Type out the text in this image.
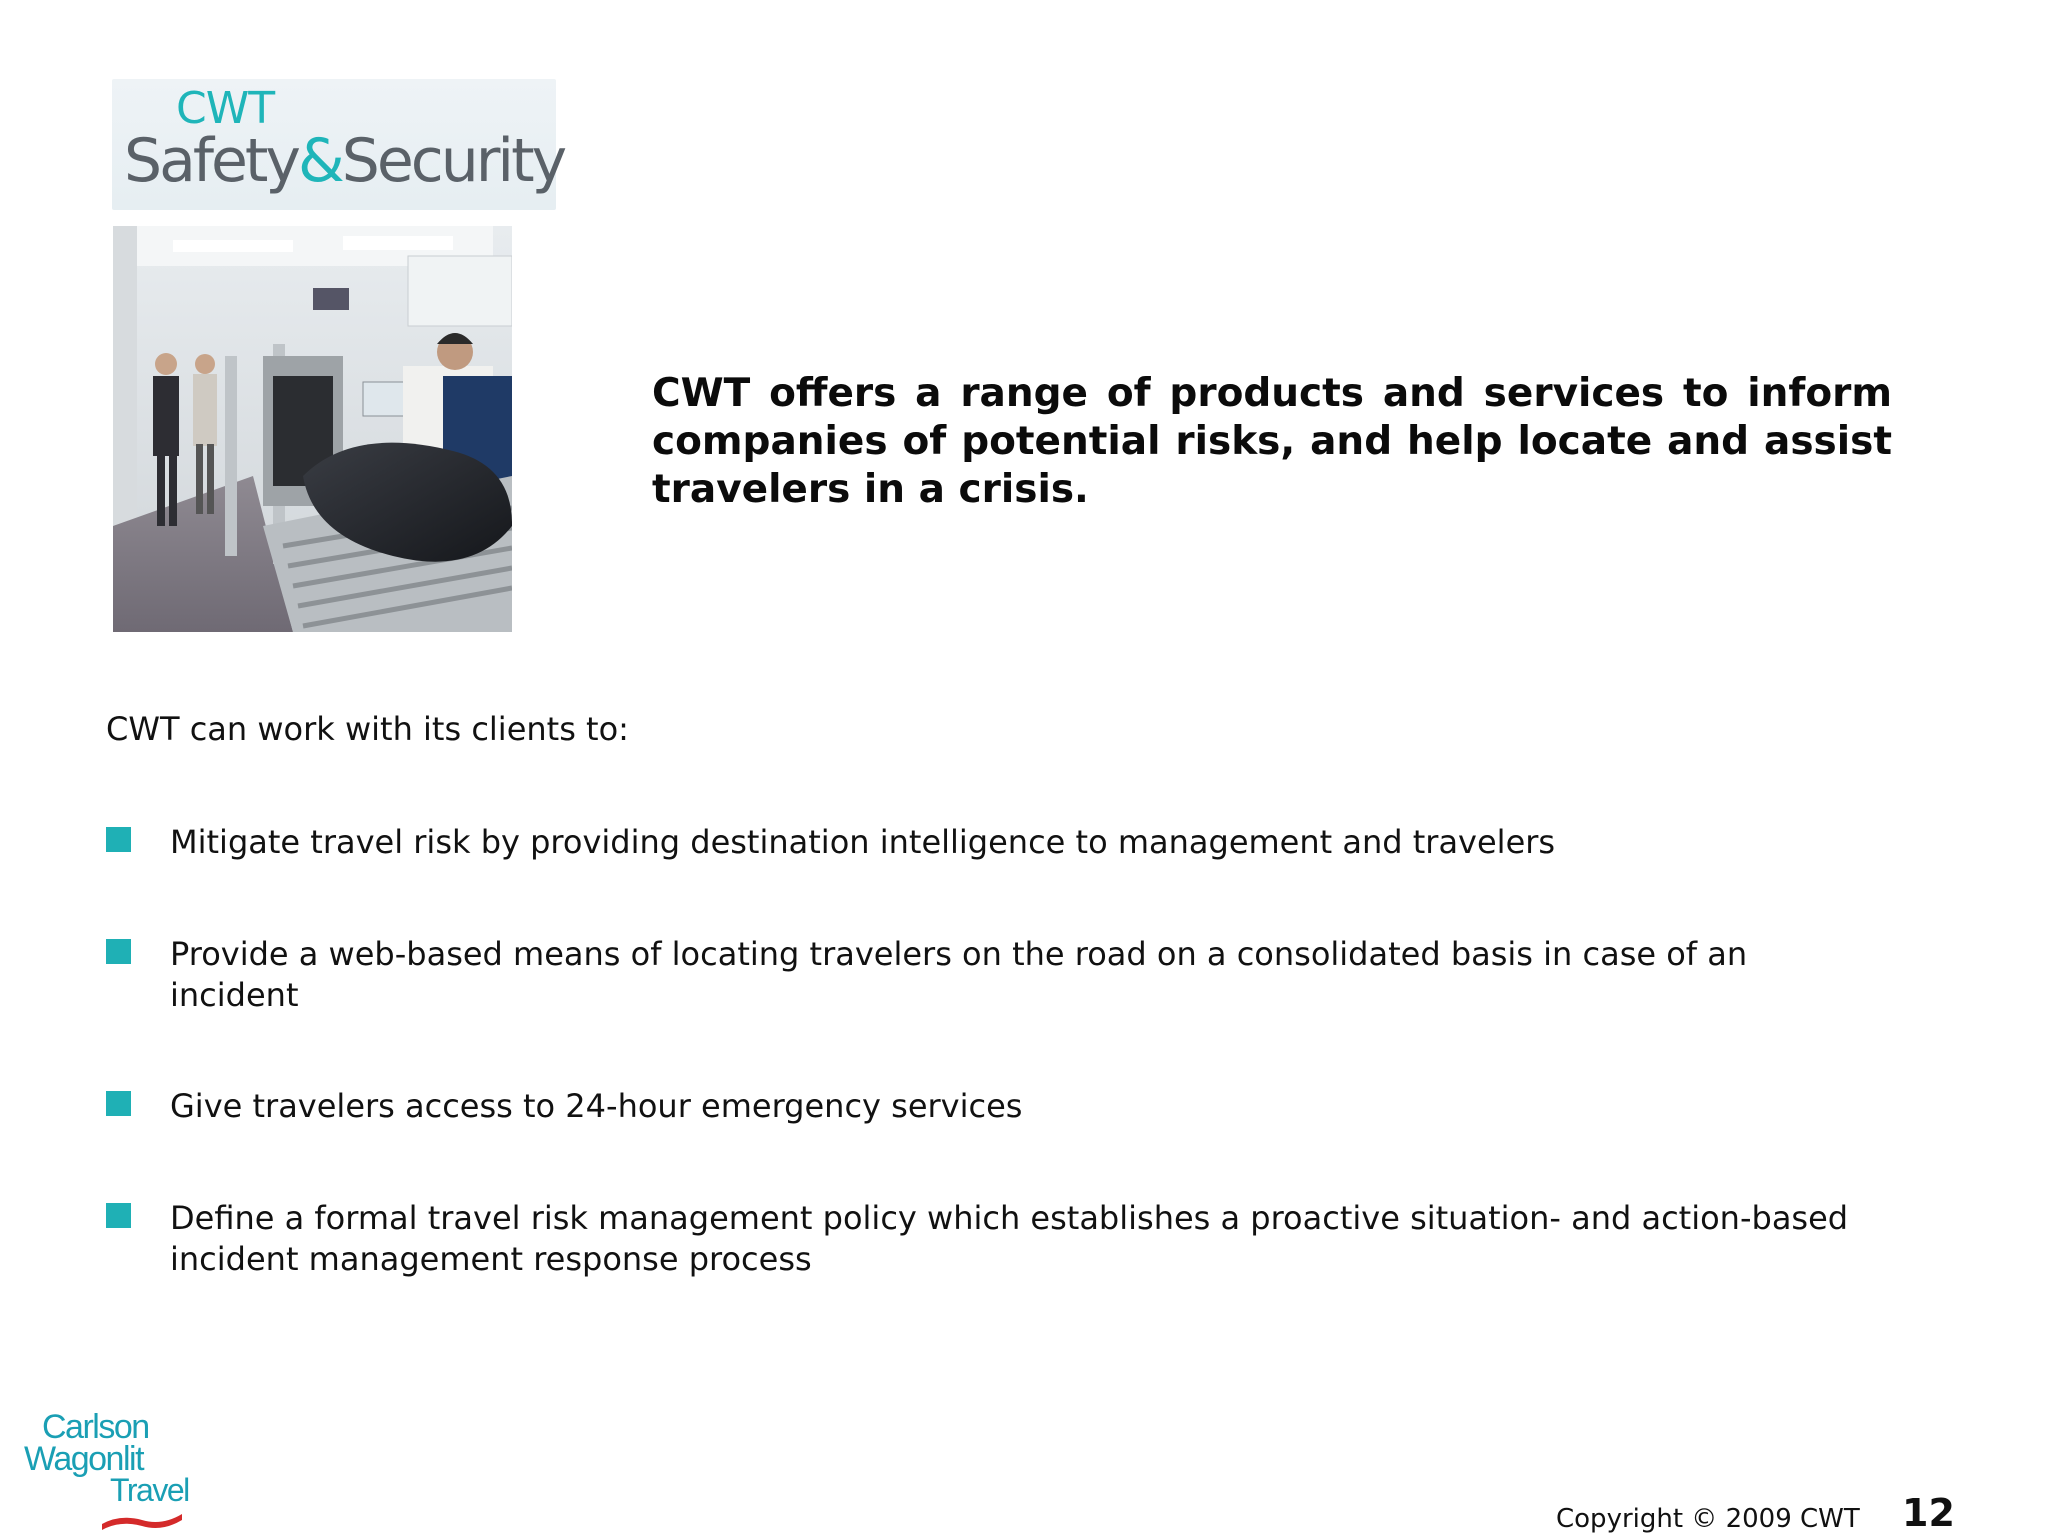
CWT
Safety&Security
CWT offers a range of products and services to inform companies of potential risks, and help locate and assist travelers in a crisis.
CWT can work with its clients to:
Mitigate travel risk by providing destination intelligence to management and travelers
Provide a web-based means of locating travelers on the road on a consolidated basis in case of an incident
Give travelers access to 24-hour emergency services
Define a formal travel risk management policy which establishes a proactive situation- and action-based incident management response process
Carlson
Wagonlit
Travel
Copyright © 2009 CWT 12
